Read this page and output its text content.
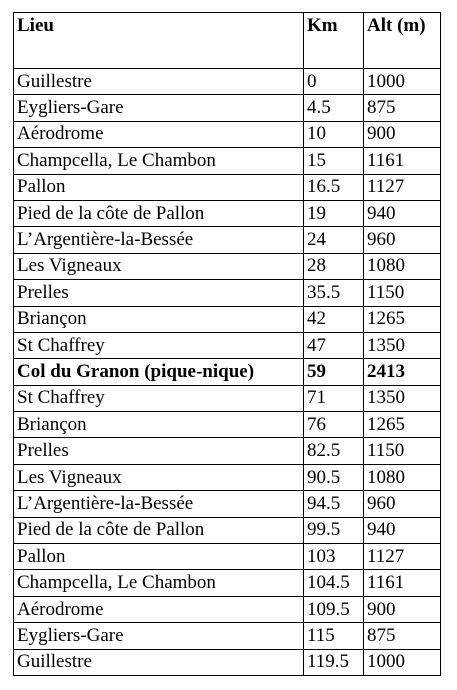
Lieu	Km	Alt (m)
Guillestre	0	1000
Eygliers-Gare	4.5	875
Aérodrome	10	900
Champcella, Le Chambon	15	1161
Pallon	16.5	1127
Pied de la côte de Pallon	19	940
L’Argentière-la-Bessée	24	960
Les Vigneaux	28	1080
Prelles	35.5	1150
Briançon	42	1265
St Chaffrey	47	1350
Col du Granon (pique-nique)	59	2413
St Chaffrey	71	1350
Briançon	76	1265
Prelles	82.5	1150
Les Vigneaux	90.5	1080
L’Argentière-la-Bessée	94.5	960
Pied de la côte de Pallon	99.5	940
Pallon	103	1127
Champcella, Le Chambon	104.5	1161
Aérodrome	109.5	900
Eygliers-Gare	115	875
Guillestre	119.5	1000
